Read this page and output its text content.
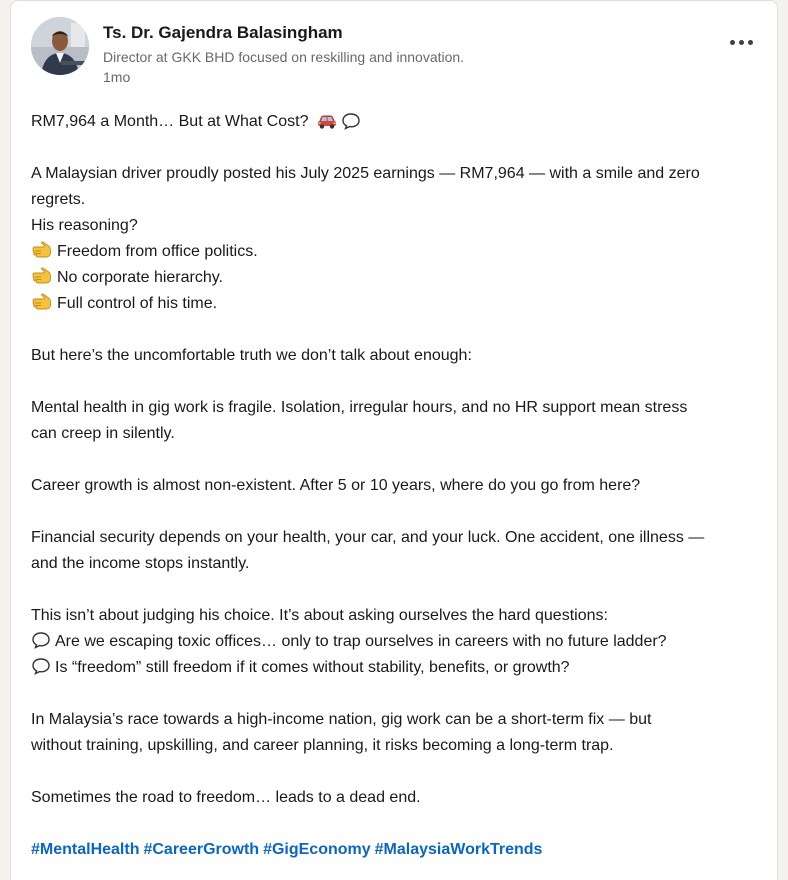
Ts. Dr. Gajendra Balasingham
Director at GKK BHD focused on reskilling and innovation.
1mo
RM7,964 a Month… But at What Cost?
A Malaysian driver proudly posted his July 2025 earnings — RM7,964 — with a smile and zero
regrets.
His reasoning?
Freedom from office politics.
No corporate hierarchy.
Full control of his time.
But here’s the uncomfortable truth we don’t talk about enough:
Mental health in gig work is fragile. Isolation, irregular hours, and no HR support mean stress
can creep in silently.
Career growth is almost non-existent. After 5 or 10 years, where do you go from here?
Financial security depends on your health, your car, and your luck. One accident, one illness —
and the income stops instantly.
This isn’t about judging his choice. It’s about asking ourselves the hard questions:
Are we escaping toxic offices… only to trap ourselves in careers with no future ladder?
Is “freedom” still freedom if it comes without stability, benefits, or growth?
In Malaysia’s race towards a high-income nation, gig work can be a short-term fix — but
without training, upskilling, and career planning, it risks becoming a long-term trap.
Sometimes the road to freedom… leads to a dead end.
#MentalHealth #CareerGrowth #GigEconomy #MalaysiaWorkTrends
